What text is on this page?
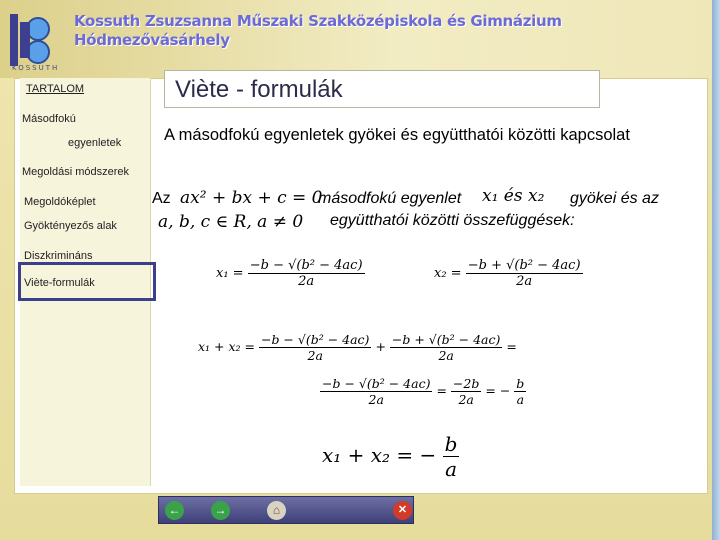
KOSSUTH
Kossuth Zsuzsanna Műszaki Szakközépiskola és Gimnázium
Hódmezővásárhely
TARTALOM
Másodfokú
egyenletek
Megoldási módszerek
Megoldóképlet
Gyöktényezős alak
Diszkrimináns
Viète-formulák
Viète - formulák
A másodfokú egyenletek gyökei és együtthatói közötti kapcsolat
Az ax² + bx + c = 0
a, b, c ∈ R, a ≠ 0
másodfokú egyenlet x₁ és x₂ gyökei és az
együtthatói közötti összefüggések:
$x_1 = \frac{\text{−b − √(b² − 4ac)}}{2a}$	$x_2 = \frac{\text{−b + √(b² − 4ac)}}{2a}$
$x_1 + x_2 = \frac{\text{−b − √(b² − 4ac)}}{2a} + \frac{\text{−b + √(b² − 4ac)}}{2a}$ =
$\frac{\text{−b − √(b² − 4ac)}}{2a} = \frac{-2b}{2a}$ = − $\frac{b}{a}$
x₁ + x₂ = − $\frac{b}{a}$
←	→	⌂	✕
